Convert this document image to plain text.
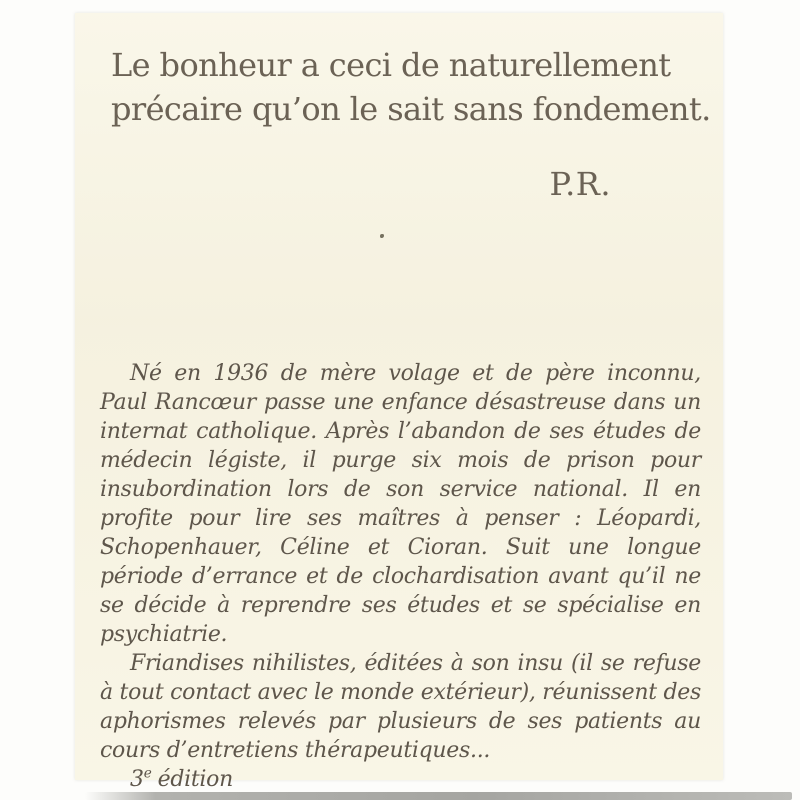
Le bonheur a ceci de naturellement
précaire qu’on le sait sans fondement.
P.R.

Né en 1936 de mère volage et de père inconnu, Paul Rancœur passe une enfance désastreuse dans un internat catholique. Après l’abandon de ses études de médecin légiste, il purge six mois de prison pour insubordination lors de son service national. Il en profite pour lire ses maîtres à penser : Léopardi, Schopenhauer, Céline et Cioran. Suit une longue période d’errance et de clochardisation avant qu’il ne se décide à reprendre ses études et se spécialise en psychiatrie.

Friandises nihilistes, éditées à son insu (il se refuse à tout contact avec le monde extérieur), réunissent des aphorismes relevés par plusieurs de ses patients au cours d’entretiens thérapeutiques...

3e édition
